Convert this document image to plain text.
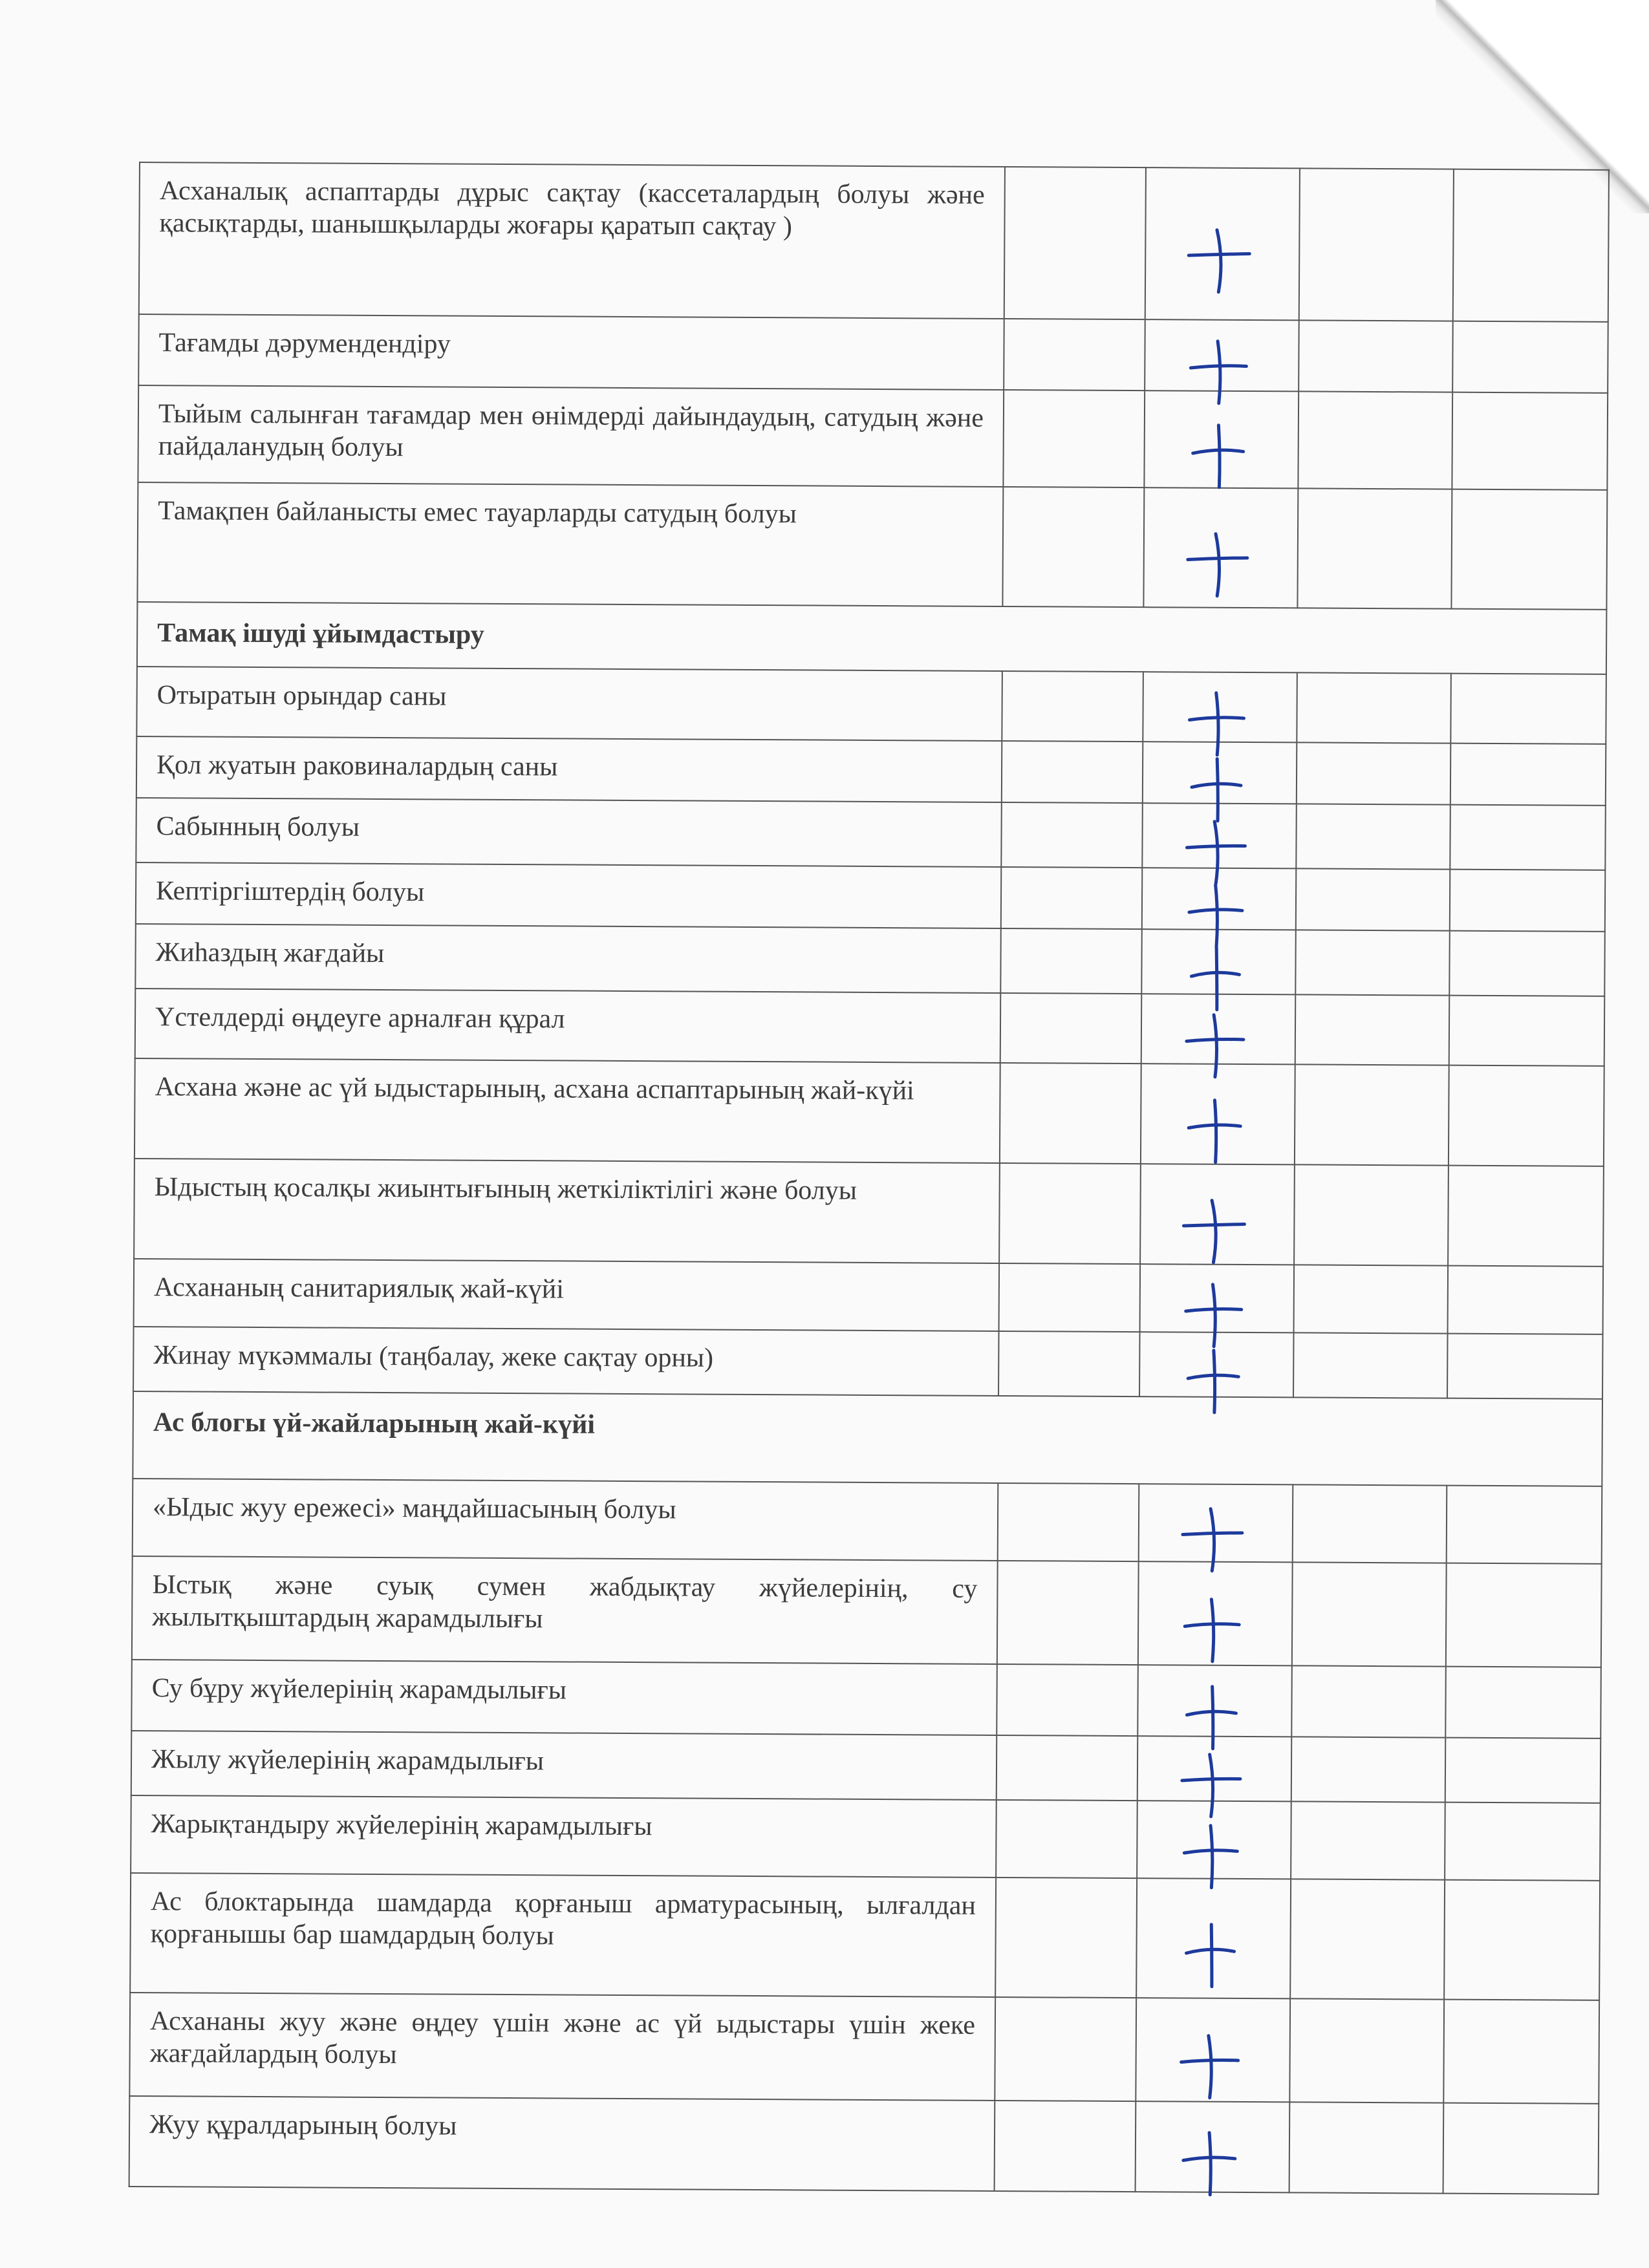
Асханалық аспаптарды дұрыс сақтау (кассеталардың болуы және қасықтарды, шанышқыларды жоғары қаратып сақтау )		

Тағамды дәрумендендіру		

Тыйым салынған тағамдар мен өнімдерді дайындаудың, сатудың және пайдаланудың болуы		

Тамақпен байланысты емес тауарларды сатудың болуы		

Тамақ ішуді ұйымдастыру				
Отыратын орындар саны		

Қол жуатын раковиналардың саны		

Сабынның болуы		

Кептіргіштердің болуы		

Жиһаздың жағдайы		

Үстелдерді өңдеуге арналған құрал		

Асхана және ас үй ыдыстарының, асхана аспаптарының жай-күйі		

Ыдыстың қосалқы жиынтығының жеткіліктілігі және болуы		

Асхананың санитариялық жай-күйі		

Жинау мүкәммалы (таңбалау, жеке сақтау орны)		

Ас блогы үй-жайларының жай-күйі				
«Ыдыс жуу ережесі» маңдайшасының болуы		

Ыстық және суық сумен жабдықтау жүйелерінің, су жылытқыштардың жарамдылығы		

Су бұру жүйелерінің жарамдылығы		

Жылу жүйелерінің жарамдылығы		

Жарықтандыру жүйелерінің жарамдылығы		

Ас блоктарында шамдарда қорғаныш арматурасының, ылғалдан қорғанышы бар шамдардың болуы		

Асхананы жуу және өңдеу үшін және ас үй ыдыстары үшін жеке жағдайлардың болуы		

Жуу құралдарының болуы		
